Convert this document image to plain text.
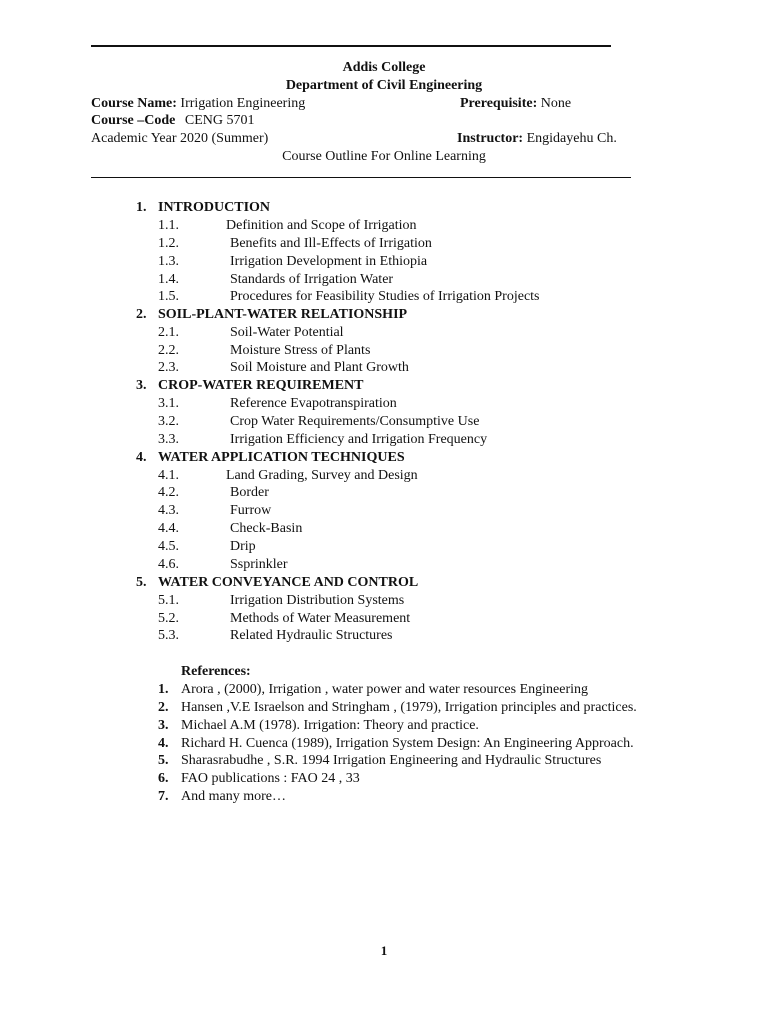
Addis College
Department of Civil Engineering
Course Name: Irrigation Engineering	Prerequisite: None
Course –Code CENG 5701
Academic Year 2020 (Summer)	Instructor: Engidayehu Ch.
Course Outline For Online Learning
1. INTRODUCTION
1.1.	Definition and Scope of Irrigation
1.2.	Benefits and Ill-Effects of Irrigation
1.3.	Irrigation Development in Ethiopia
1.4.	Standards of Irrigation Water
1.5.	Procedures for Feasibility Studies of Irrigation Projects
2. SOIL-PLANT-WATER RELATIONSHIP
2.1.	Soil-Water Potential
2.2.	Moisture Stress of Plants
2.3.	Soil Moisture and Plant Growth
3. CROP-WATER REQUIREMENT
3.1.	Reference Evapotranspiration
3.2.	Crop Water Requirements/Consumptive Use
3.3.	Irrigation Efficiency and Irrigation Frequency
4. WATER APPLICATION TECHNIQUES
4.1.	Land Grading, Survey and Design
4.2.	Border
4.3.	Furrow
4.4.	Check-Basin
4.5.	Drip
4.6.	Ssprinkler
5. WATER CONVEYANCE AND CONTROL
5.1.	Irrigation Distribution Systems
5.2.	Methods of Water Measurement
5.3.	Related Hydraulic Structures
References:
1. Arora , (2000), Irrigation , water power and water resources Engineering
2. Hansen ,V.E Israelson and Stringham , (1979), Irrigation principles and practices.
3. Michael A.M (1978). Irrigation: Theory and practice.
4. Richard H. Cuenca (1989), Irrigation System Design: An Engineering Approach.
5. Sharasrabudhe , S.R. 1994 Irrigation Engineering and Hydraulic Structures
6. FAO publications : FAO 24 , 33
7. And many more…
1
